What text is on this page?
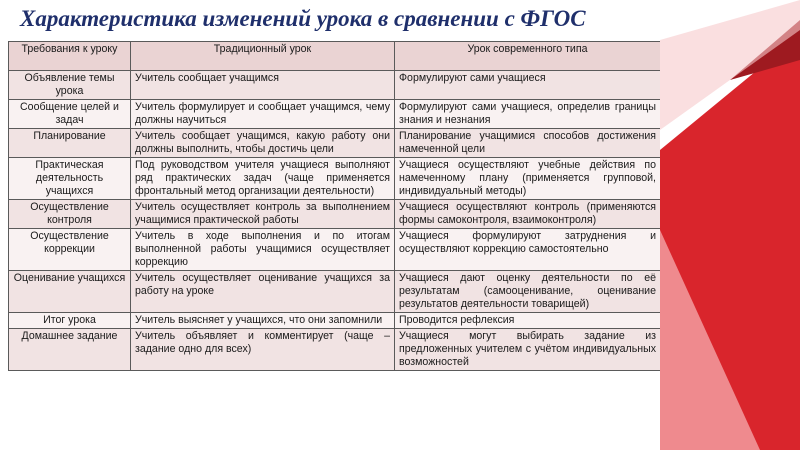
Характеристика изменений урока в сравнении с ФГОС
Требования к уроку	Традиционный урок	Урок современного типа
Объявление темы урока	Учитель сообщает учащимся	Формулируют сами учащиеся
Сообщение целей и задач	Учитель формулирует и сообщает учащимся, чему должны научиться	Формулируют сами учащиеся, определив границы знания и незнания
Планирование	Учитель сообщает учащимся, какую работу они должны выполнить, чтобы достичь цели	Планирование учащимися способов достижения намеченной цели
Практическая деятельность учащихся	Под руководством учителя учащиеся выполняют ряд практических задач (чаще применяется фронтальный метод организации деятельности)	Учащиеся осуществляют учебные действия по намеченному плану (применяется групповой, индивидуальный методы)
Осуществление контроля	Учитель осуществляет контроль за выполнением учащимися практической работы	Учащиеся осуществляют контроль (применяются формы самоконтроля, взаимоконтроля)
Осуществление коррекции	Учитель в ходе выполнения и по итогам выполненной работы учащимися осуществляет коррекцию	Учащиеся формулируют затруднения и осуществляют коррекцию самостоятельно
Оценивание учащихся	Учитель осуществляет оценивание учащихся за работу на уроке	Учащиеся дают оценку деятельности по её результатам (самооценивание, оценивание результатов деятельности товарищей)
Итог урока	Учитель выясняет у учащихся, что они запомнили	Проводится рефлексия
Домашнее задание	Учитель объявляет и комментирует (чаще – задание одно для всех)	Учащиеся могут выбирать задание из предложенных учителем с учётом индивидуальных возможностей
